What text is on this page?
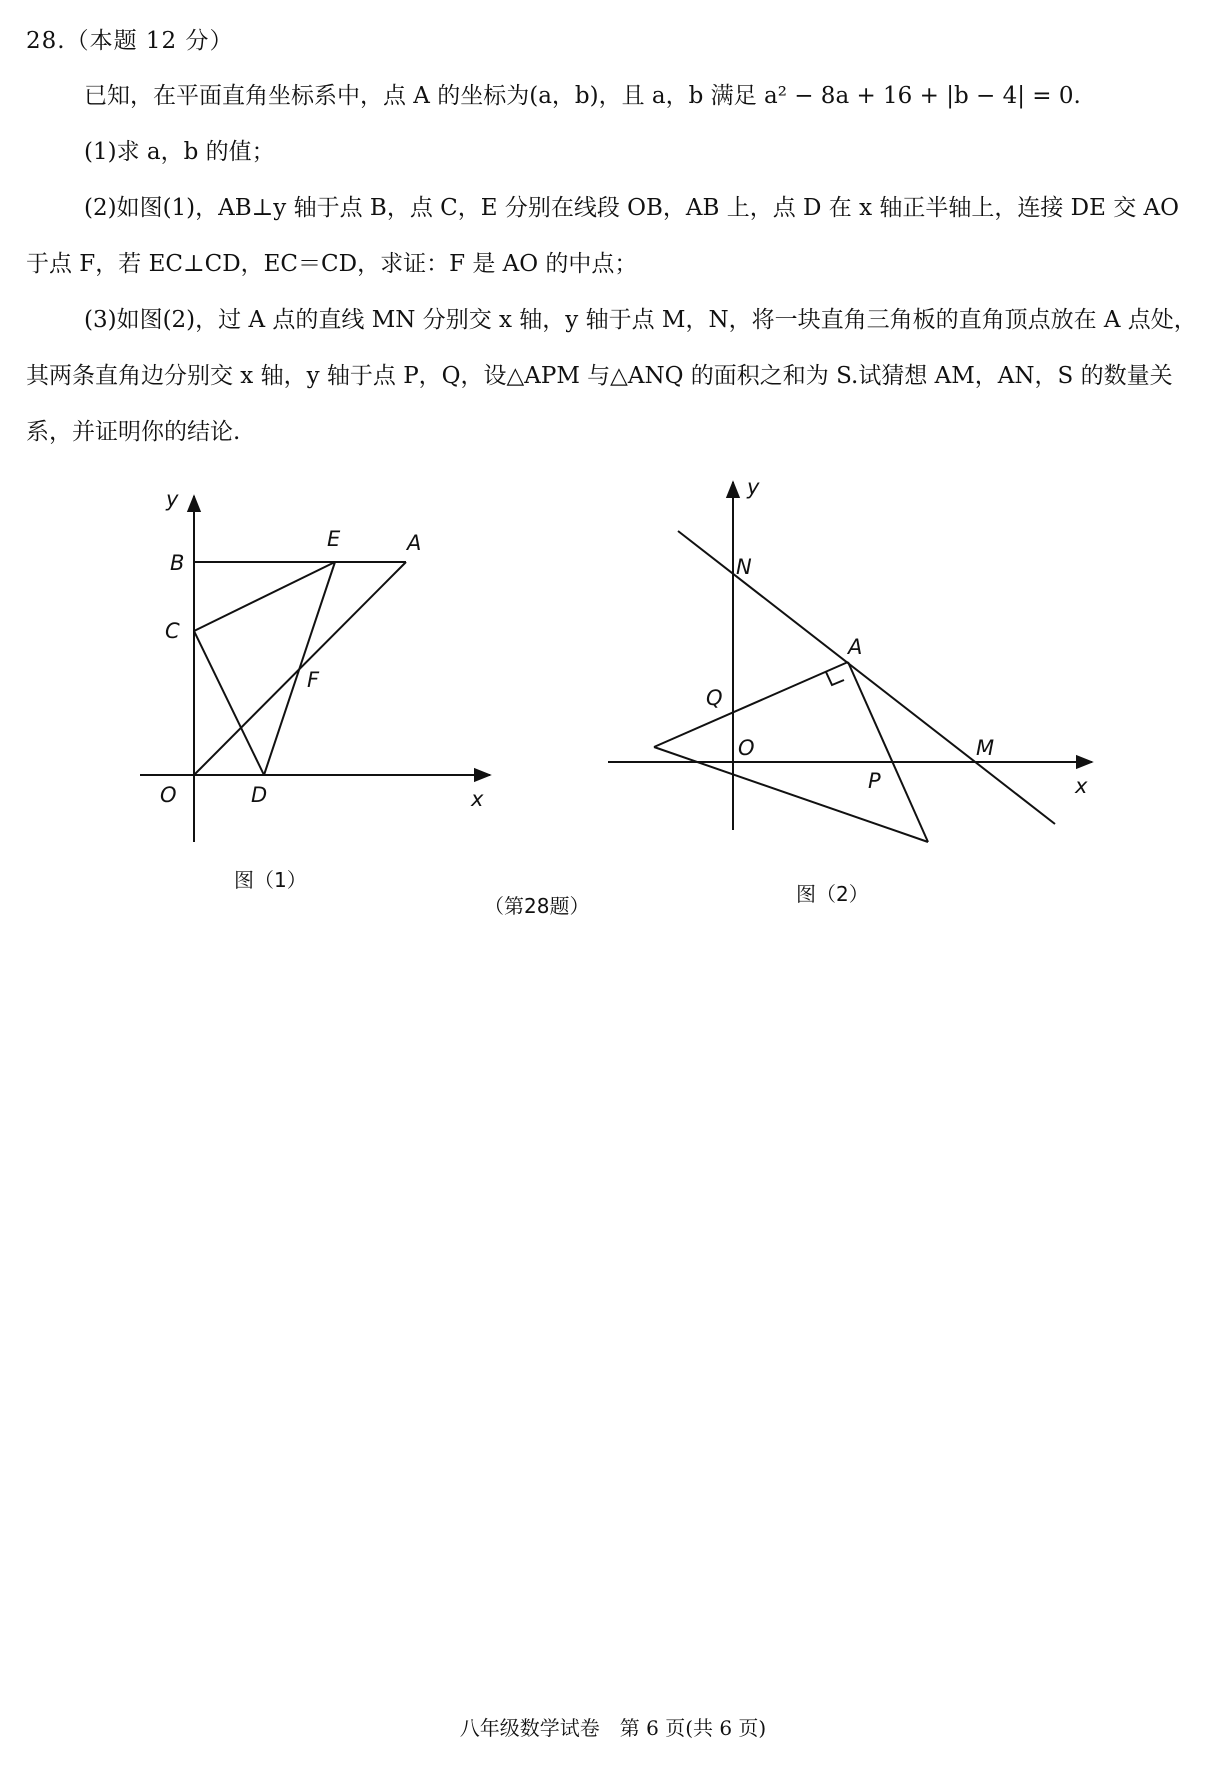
28.（本题 12 分）
已知，在平面直角坐标系中，点 A 的坐标为(a，b)，且 a，b 满足 a² − 8a + 16 + |b − 4| = 0.
(1)求 a，b 的值；
(2)如图(1)，AB⊥y 轴于点 B，点 C，E 分别在线段 OB，AB 上，点 D 在 x 轴正半轴上，连接 DE 交 AO 于点 F，若 EC⊥CD，EC＝CD，求证：F 是 AO 的中点；
(3)如图(2)，过 A 点的直线 MN 分别交 x 轴，y 轴于点 M，N，将一块直角三角板的直角顶点放在 A 点处，其两条直角边分别交 x 轴，y 轴于点 P，Q，设△APM 与△ANQ 的面积之和为 S.试猜想 AM，AN，S 的数量关系，并证明你的结论.
y
B
E	A
C
F
O	D	x
y
N
A
Q
O	M
P	x
图（1）
（第28题）	图（2）
八年级数学试卷　第 6 页(共 6 页)
